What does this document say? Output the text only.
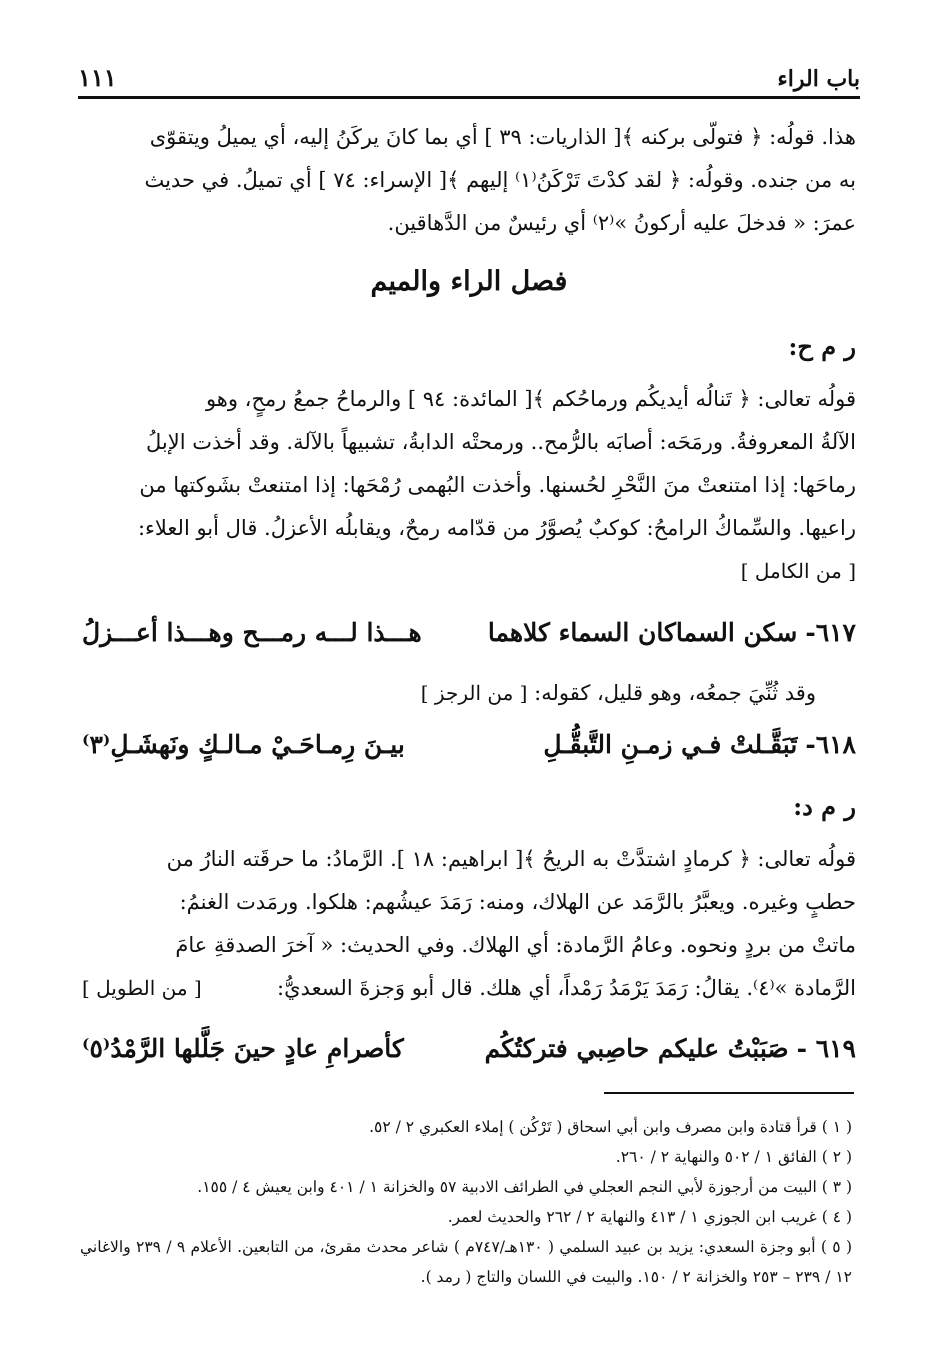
باب الراء
١١١

هذا. قولُه: ﴿ فتولّى بركنه ﴾[ الذاريات: ٣٩ ] أي بما كانَ يركَنُ إليه، أي يميلُ ويتقوّى

به من جنده. وقولُه: ﴿ لقد كدْتَ تَرْكَنُ⁽١⁾ إليهم ﴾[ الإسراء: ٧٤ ] أي تميلُ. في حديث

عمرَ: « فدخلَ عليه أركونُ »⁽٢⁾ أي رئيسٌ من الدَّهاقين.

فصل الراء والميم
ر م ح:

قولُه تعالى: ﴿ تَنالُه أيديكُم ورماحُكم ﴾[ المائدة: ٩٤ ] والرماحُ جمعُ رمحٍ، وهو

الآلةُ المعروفةُ. ورمَحَه: أصابَه بالرُّمح.. ورمحتْه الدابةُ، تشبيهاً بالآلة. وقد أخذت الإبلُ

رماحَها: إذا امتنعتْ منَ النَّحْرِ لحُسنها. وأخذت البُهمى رُمْحَها: إذا امتنعتْ بشَوكتها من

راعيها. والسِّماكُ الرامحُ: كوكبٌ يُصوَّرُ من قدّامه رمحٌ، ويقابلُه الأعزلُ. قال أبو العلاء:

[ من الكامل ]

٦١٧-
سكن السماكان السماء كلاهما
هـــذا لـــه رمـــح وهـــذا أعـــزلُ

وقد ثُنِّيَ جمعُه، وهو قليل، كقوله: [ من الرجز ]

٦١٨-
تَبَقَّـلتْ فـي زمـنِ التَّبقُّـلِ
بيـنَ رِمـاحَـيْ مـالـكٍ ونَهشَـلِ⁽٣⁾
ر م د:

قولُه تعالى: ﴿ كرمادٍ اشتدَّتْ به الريحُ ﴾[ ابراهيم: ١٨ ]. الرَّمادُ: ما حرقَته النارُ من

حطبٍ وغيره. ويعبَّرُ بالرَّمَد عن الهلاك، ومنه: رَمَدَ عيشُهم: هلكوا. ورمَدت الغنمُ:

ماتتْ من بردٍ ونحوه. وعامُ الرَّمادة: أي الهلاك. وفي الحديث: « آخرَ الصدقةِ عامَ

الرَّمادة »⁽٤⁾. يقالُ: رَمَدَ يَرْمَدُ رَمْداً، أي هلك. قال أبو وَجزةَ السعديُّ:
[ من الطويل ]

٦١٩ -
صَبَبْتُ عليكم حاصِبي فتركتُكُم
كأصرامِ عادٍ حينَ جَلَّلها الرَّمْدُ⁽٥⁾

( ١ ) قرأ قتادة وابن مصرف وابن أبي اسحاق ( تَرْكُن ) إملاء العكبري ٢ / ٥٢.

( ٢ ) الفائق ١ / ٥٠٢ والنهاية ٢ / ٢٦٠.

( ٣ ) البيت من أرجوزة لأبي النجم العجلي في الطرائف الادبية ٥٧ والخزانة ١ / ٤٠١ وابن يعيش ٤ / ١٥٥.

( ٤ ) غريب ابن الجوزي ١ / ٤١٣ والنهاية ٢ / ٢٦٢ والحديث لعمر.

( ٥ ) أبو وجزة السعدي: يزيد بن عبيد السلمي ( ١٣٠هـ/٧٤٧م ) شاعر محدث مقرئ، من التابعين. الأعلام ٩ / ٢٣٩ والاغاني ١٢ / ٢٣٩ – ٢٥٣ والخزانة ٢ / ١٥٠. والبيت في اللسان والتاج ( رمد ).
